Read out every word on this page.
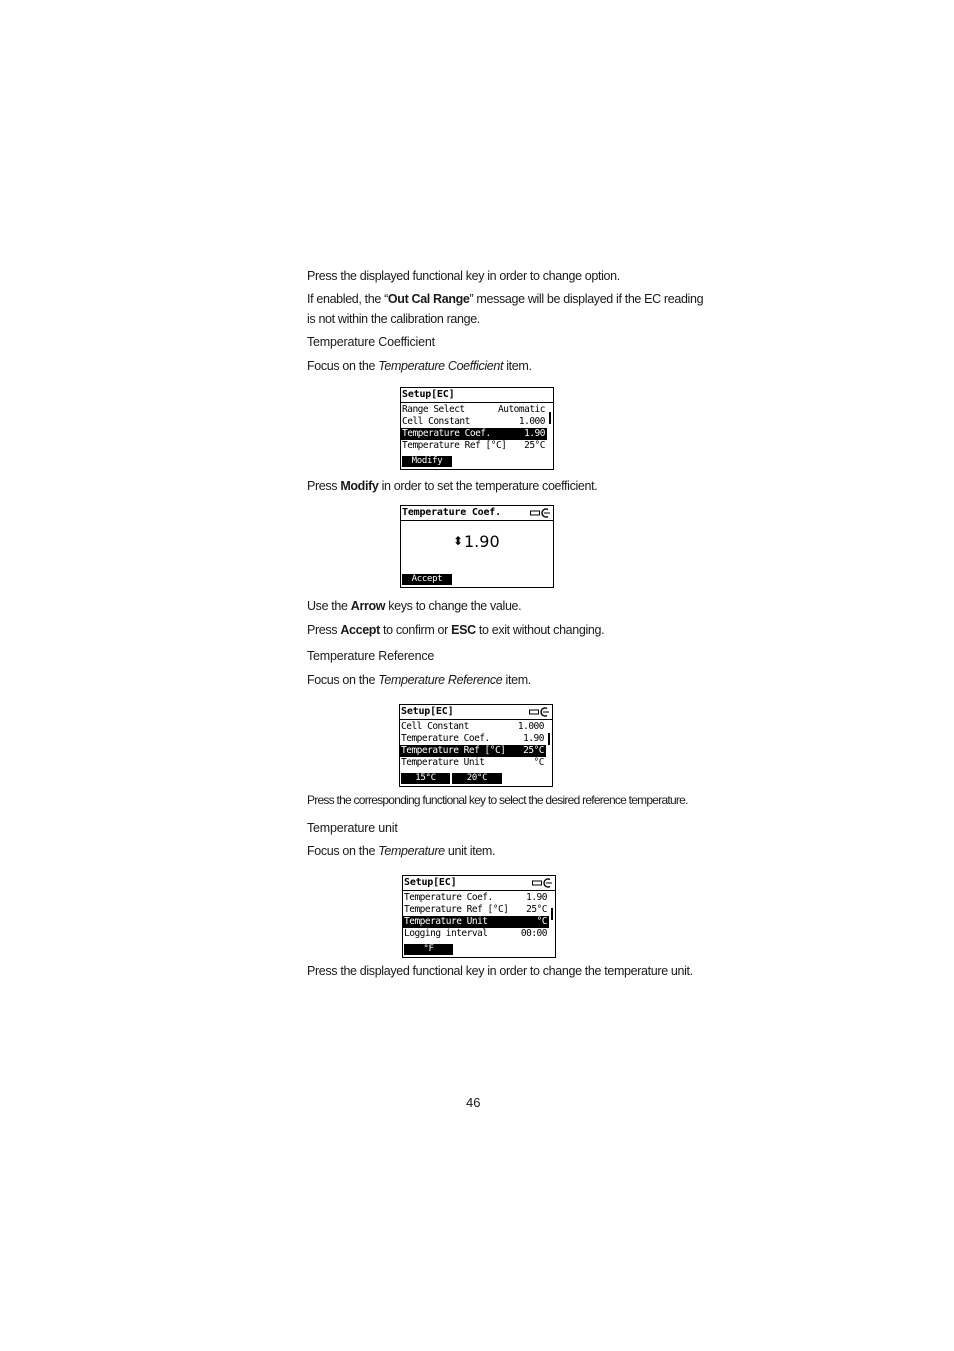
Press the displayed functional key in order to change option.
If enabled, the “Out Cal Range” message will be displayed if the EC reading
is not within the calibration range.
Temperature Coefficient
Focus on the Temperature Coefficient item.
Setup[EC]
Range Select	Automatic
Cell Constant	1.000
Temperature Coef.	1.90
Temperature Ref [°C] 25°C
Modify
Press Modify in order to set the temperature coefficient.
Temperature Coef.
⬍ 1.90
Accept
Use the Arrow keys to change the value.
Press Accept to confirm or ESC to exit without changing.
Temperature Reference
Focus on the Temperature Reference item.
Setup[EC]
Cell Constant	1.000
Temperature Coef.	1.90
Temperature Ref [°C] 25°C
Temperature Unit	°C
15°C	20°C
Press the corresponding functional key to select the desired reference temperature.
Temperature unit
Focus on the Temperature unit item.
Setup[EC]
Temperature Coef.	1.90
Temperature Ref [°C] 25°C
Temperature Unit	°C
Logging interval	00:00
°F
Press the displayed functional key in order to change the temperature unit.
46
